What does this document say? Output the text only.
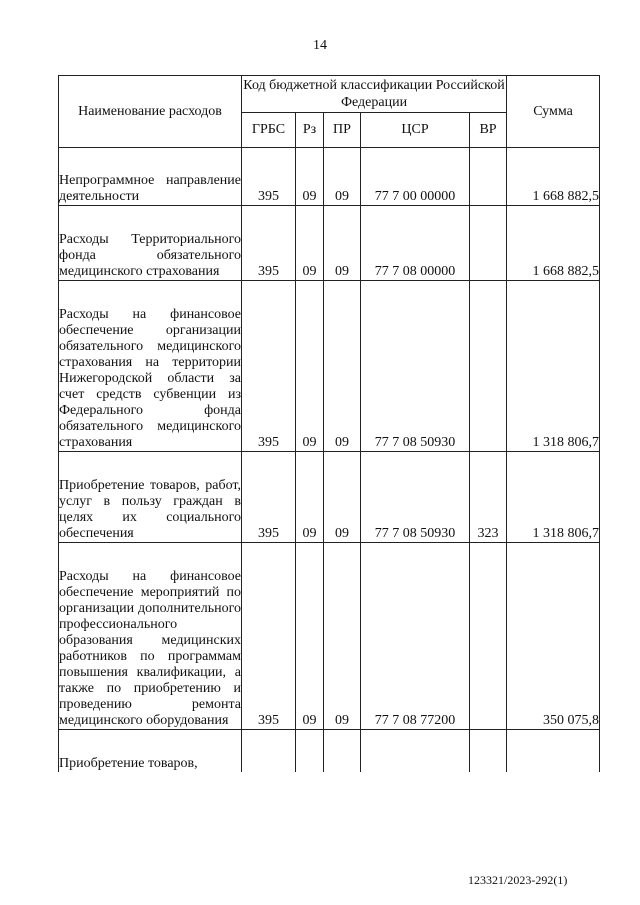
14
Наименование расходов	Код бюджетной классификации Российской Федерации					Сумма
	ГРБС	Рз	ПР	ЦСР	ВР	

Непрограммное направление деятельности	395	09	09	77 7 00 00000		1 668 882,5

Расходы Территориального фонда обязательного медицинского страхования	395	09	09	77 7 08 00000		1 668 882,5

Расходы на финансовое обеспечение организации обязательного медицинского страхования на территории Нижегородской области за счет средств субвенции из Федерального фонда обязательного медицинского страхования	395	09	09	77 7 08 50930		1 318 806,7

Приобретение товаров, работ, услуг в пользу граждан в целях их социального обеспечения	395	09	09	77 7 08 50930	323	1 318 806,7

Расходы на финансовое обеспечение мероприятий по организации дополнительного профессионального образования медицинских работников по программам повышения квалификации, а также по приобретению и проведению ремонта медицинского оборудования	395	09	09	77 7 08 77200		350 075,8

Приобретение товаров,						
123321/2023-292(1)
